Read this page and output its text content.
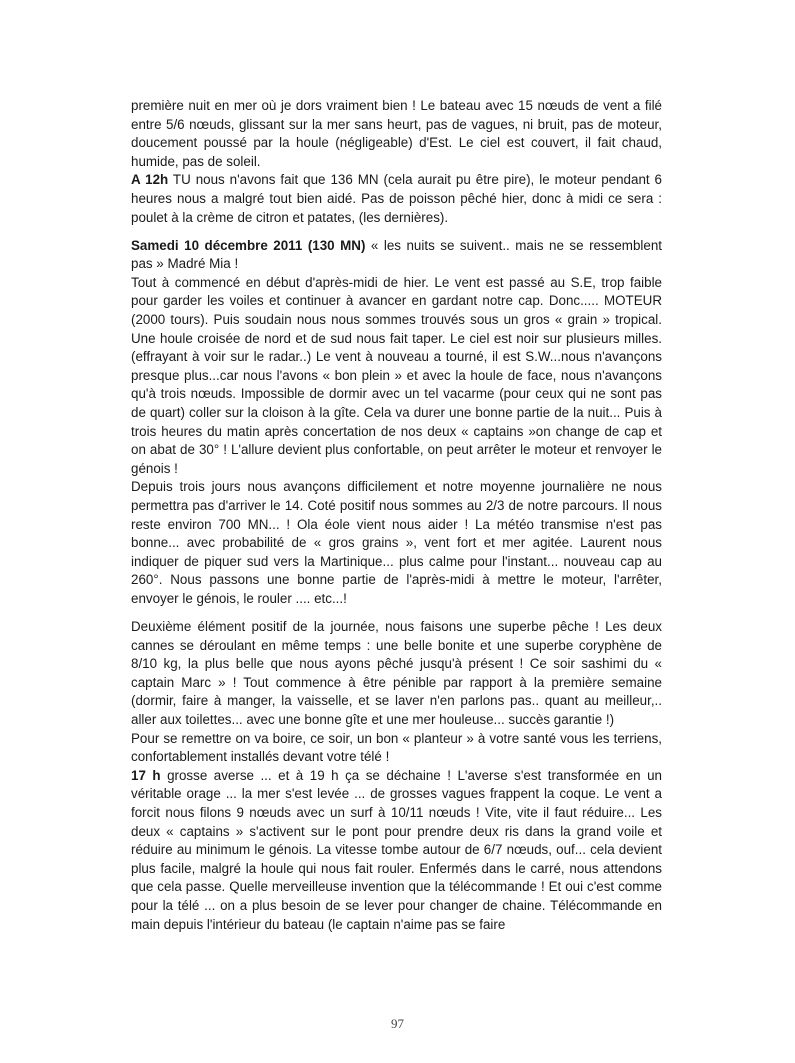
première nuit en mer où je dors vraiment bien ! Le bateau avec 15 nœuds de vent a filé entre 5/6 nœuds, glissant sur la mer sans heurt, pas de vagues, ni bruit, pas de moteur, doucement poussé par la houle (négligeable) d'Est. Le ciel est couvert, il fait chaud, humide, pas de soleil.

A 12h TU nous n'avons fait que 136 MN (cela aurait pu être pire), le moteur pendant 6 heures nous a malgré tout bien aidé. Pas de poisson pêché hier, donc à midi ce sera : poulet à la crème de citron et patates, (les dernières).

Samedi 10 décembre 2011 (130 MN) « les nuits se suivent.. mais ne se ressemblent pas » Madré Mia !

Tout à commencé en début d'après-midi de hier. Le vent est passé au S.E, trop faible pour garder les voiles et continuer à avancer en gardant notre cap. Donc..... MOTEUR (2000 tours). Puis soudain nous nous sommes trouvés sous un gros « grain » tropical. Une houle croisée de nord et de sud nous fait taper. Le ciel est noir sur plusieurs milles. (effrayant à voir sur le radar..) Le vent à nouveau a tourné, il est S.W...nous n'avançons presque plus...car nous l'avons « bon plein » et avec la houle de face, nous n'avançons qu'à trois nœuds. Impossible de dormir avec un tel vacarme (pour ceux qui ne sont pas de quart) coller sur la cloison à la gîte. Cela va durer une bonne partie de la nuit... Puis à trois heures du matin après concertation de nos deux « captains »on change de cap et on abat de 30° ! L'allure devient plus confortable, on peut arrêter le moteur et renvoyer le génois !

Depuis trois jours nous avançons difficilement et notre moyenne journalière ne nous permettra pas d'arriver le 14. Coté positif nous sommes au 2/3 de notre parcours. Il nous reste environ 700 MN... ! Ola éole vient nous aider ! La météo transmise n'est pas bonne... avec probabilité de « gros grains », vent fort et mer agitée. Laurent nous indiquer de piquer sud vers la Martinique... plus calme pour l'instant... nouveau cap au 260°. Nous passons une bonne partie de l'après-midi à mettre le moteur, l'arrêter, envoyer le génois, le rouler .... etc...!

Deuxième élément positif de la journée, nous faisons une superbe pêche ! Les deux cannes se déroulant en même temps : une belle bonite et une superbe coryphène de 8/10 kg, la plus belle que nous ayons pêché jusqu'à présent ! Ce soir sashimi du « captain Marc » ! Tout commence à être pénible par rapport à la première semaine (dormir, faire à manger, la vaisselle, et se laver n'en parlons pas.. quant au meilleur,.. aller aux toilettes... avec une bonne gîte et une mer houleuse... succès garantie !)

Pour se remettre on va boire, ce soir, un bon « planteur » à votre santé vous les terriens, confortablement installés devant votre télé !

17 h grosse averse ... et à 19 h ça se déchaine ! L'averse s'est transformée en un véritable orage ... la mer s'est levée ... de grosses vagues frappent la coque. Le vent a forcit nous filons 9 nœuds avec un surf à 10/11 nœuds ! Vite, vite il faut réduire... Les deux « captains » s'activent sur le pont pour prendre deux ris dans la grand voile et réduire au minimum le génois. La vitesse tombe autour de 6/7 nœuds, ouf... cela devient plus facile, malgré la houle qui nous fait rouler. Enfermés dans le carré, nous attendons que cela passe. Quelle merveilleuse invention que la télécommande ! Et oui c'est comme pour la télé ... on a plus besoin de se lever pour changer de chaine. Télécommande en main depuis l'intérieur du bateau (le captain n'aime pas se faire

97
